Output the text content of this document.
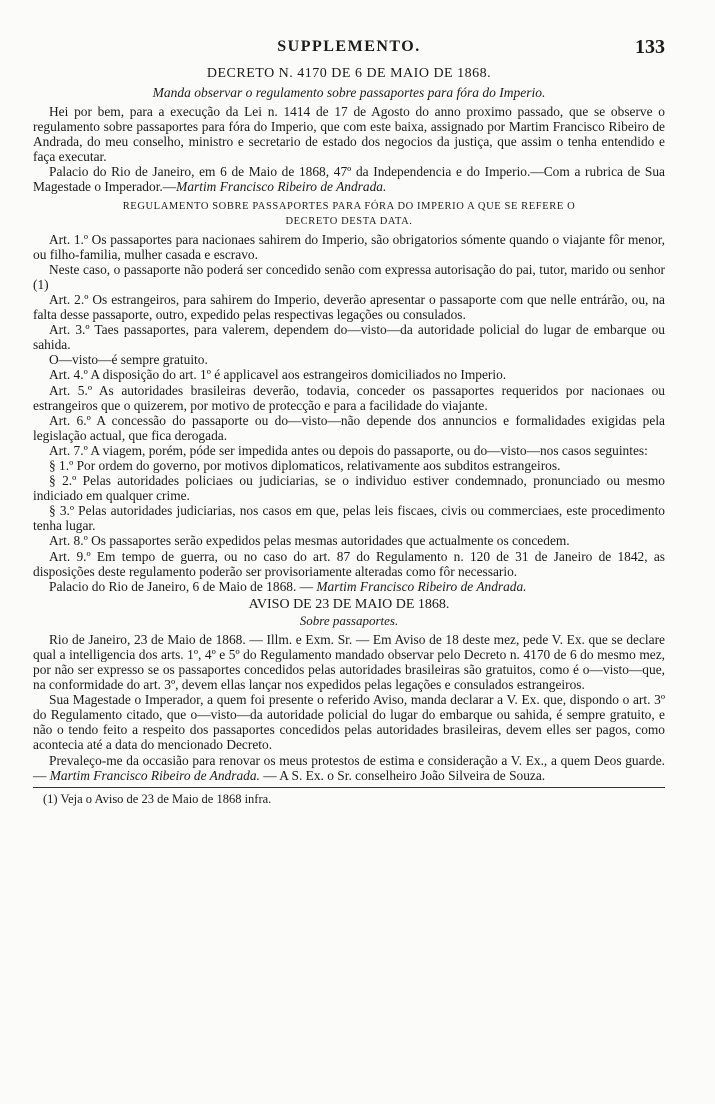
SUPPLEMENTO.	133
DECRETO N. 4170 DE 6 DE MAIO DE 1868.
Manda observar o regulamento sobre passaportes para fóra do Imperio.

Hei por bem, para a execução da Lei n. 1414 de 17 de Agosto do anno proximo passado, que se observe o regulamento sobre passaportes para fóra do Imperio, que com este baixa, assignado por Martim Francisco Ribeiro de Andrada, do meu conselho, ministro e secretario de estado dos negocios da justiça, que assim o tenha entendido e faça executar.

Palacio do Rio de Janeiro, em 6 de Maio de 1868, 47º da Independencia e do Imperio.—Com a rubrica de Sua Magestade o Imperador.—Martim Francisco Ribeiro de Andrada.

REGULAMENTO SOBRE PASSAPORTES PARA FÓRA DO IMPERIO A QUE SE REFERE O
DECRETO DESTA DATA.

Art. 1.º Os passaportes para nacionaes sahirem do Imperio, são obrigatorios sómente quando o viajante fôr menor, ou filho-familia, mulher casada e escravo.

Neste caso, o passaporte não poderá ser concedido senão com expressa autorisação do pai, tutor, marido ou senhor (1)

Art. 2.º Os estrangeiros, para sahirem do Imperio, deverão apresentar o passaporte com que nelle entrárão, ou, na falta desse passaporte, outro, expedido pelas respectivas legações ou consulados.

Art. 3.º Taes passaportes, para valerem, dependem do—visto—da autoridade policial do lugar de embarque ou sahida.

O—visto—é sempre gratuito.

Art. 4.º A disposição do art. 1º é applicavel aos estrangeiros domiciliados no Imperio.

Art. 5.º As autoridades brasileiras deverão, todavia, conceder os passaportes requeridos por nacionaes ou estrangeiros que o quizerem, por motivo de protecção e para a facilidade do viajante.

Art. 6.º A concessão do passaporte ou do—visto—não depende dos annuncios e formalidades exigidas pela legislação actual, que fica derogada.

Art. 7.º A viagem, porém, póde ser impedida antes ou depois do passaporte, ou do—visto—nos casos seguintes:

§ 1.º Por ordem do governo, por motivos diplomaticos, relativamente aos subditos estrangeiros.

§ 2.º Pelas autoridades policiaes ou judiciarias, se o individuo estiver condemnado, pronunciado ou mesmo indiciado em qualquer crime.

§ 3.º Pelas autoridades judiciarias, nos casos em que, pelas leis fiscaes, civis ou commerciaes, este procedimento tenha lugar.

Art. 8.º Os passaportes serão expedidos pelas mesmas autoridades que actualmente os concedem.

Art. 9.º Em tempo de guerra, ou no caso do art. 87 do Regulamento n. 120 de 31 de Janeiro de 1842, as disposições deste regulamento poderão ser provisoriamente alteradas como fôr necessario.

Palacio do Rio de Janeiro, 6 de Maio de 1868. — Martim Francisco Ribeiro de Andrada.

AVISO DE 23 DE MAIO DE 1868.
Sobre passaportes.

Rio de Janeiro, 23 de Maio de 1868. — Illm. e Exm. Sr. — Em Aviso de 18 deste mez, pede V. Ex. que se declare qual a intelligencia dos arts. 1º, 4º e 5º do Regulamento mandado observar pelo Decreto n. 4170 de 6 do mesmo mez, por não ser expresso se os passaportes concedidos pelas autoridades brasileiras são gratuitos, como é o—visto—que, na conformidade do art. 3º, devem ellas lançar nos expedidos pelas legações e consulados estrangeiros.

Sua Magestade o Imperador, a quem foi presente o referido Aviso, manda declarar a V. Ex. que, dispondo o art. 3º do Regulamento citado, que o—visto—da autoridade policial do lugar do embarque ou sahida, é sempre gratuito, e não o tendo feito a respeito dos passaportes concedidos pelas autoridades brasileiras, devem elles ser pagos, como acontecia até a data do mencionado Decreto.

Prevaleço-me da occasião para renovar os meus protestos de estima e consideração a V. Ex., a quem Deos guarde. — Martim Francisco Ribeiro de Andrada. — A S. Ex. o Sr. conselheiro João Silveira de Souza.

(1) Veja o Aviso de 23 de Maio de 1868 infra.
